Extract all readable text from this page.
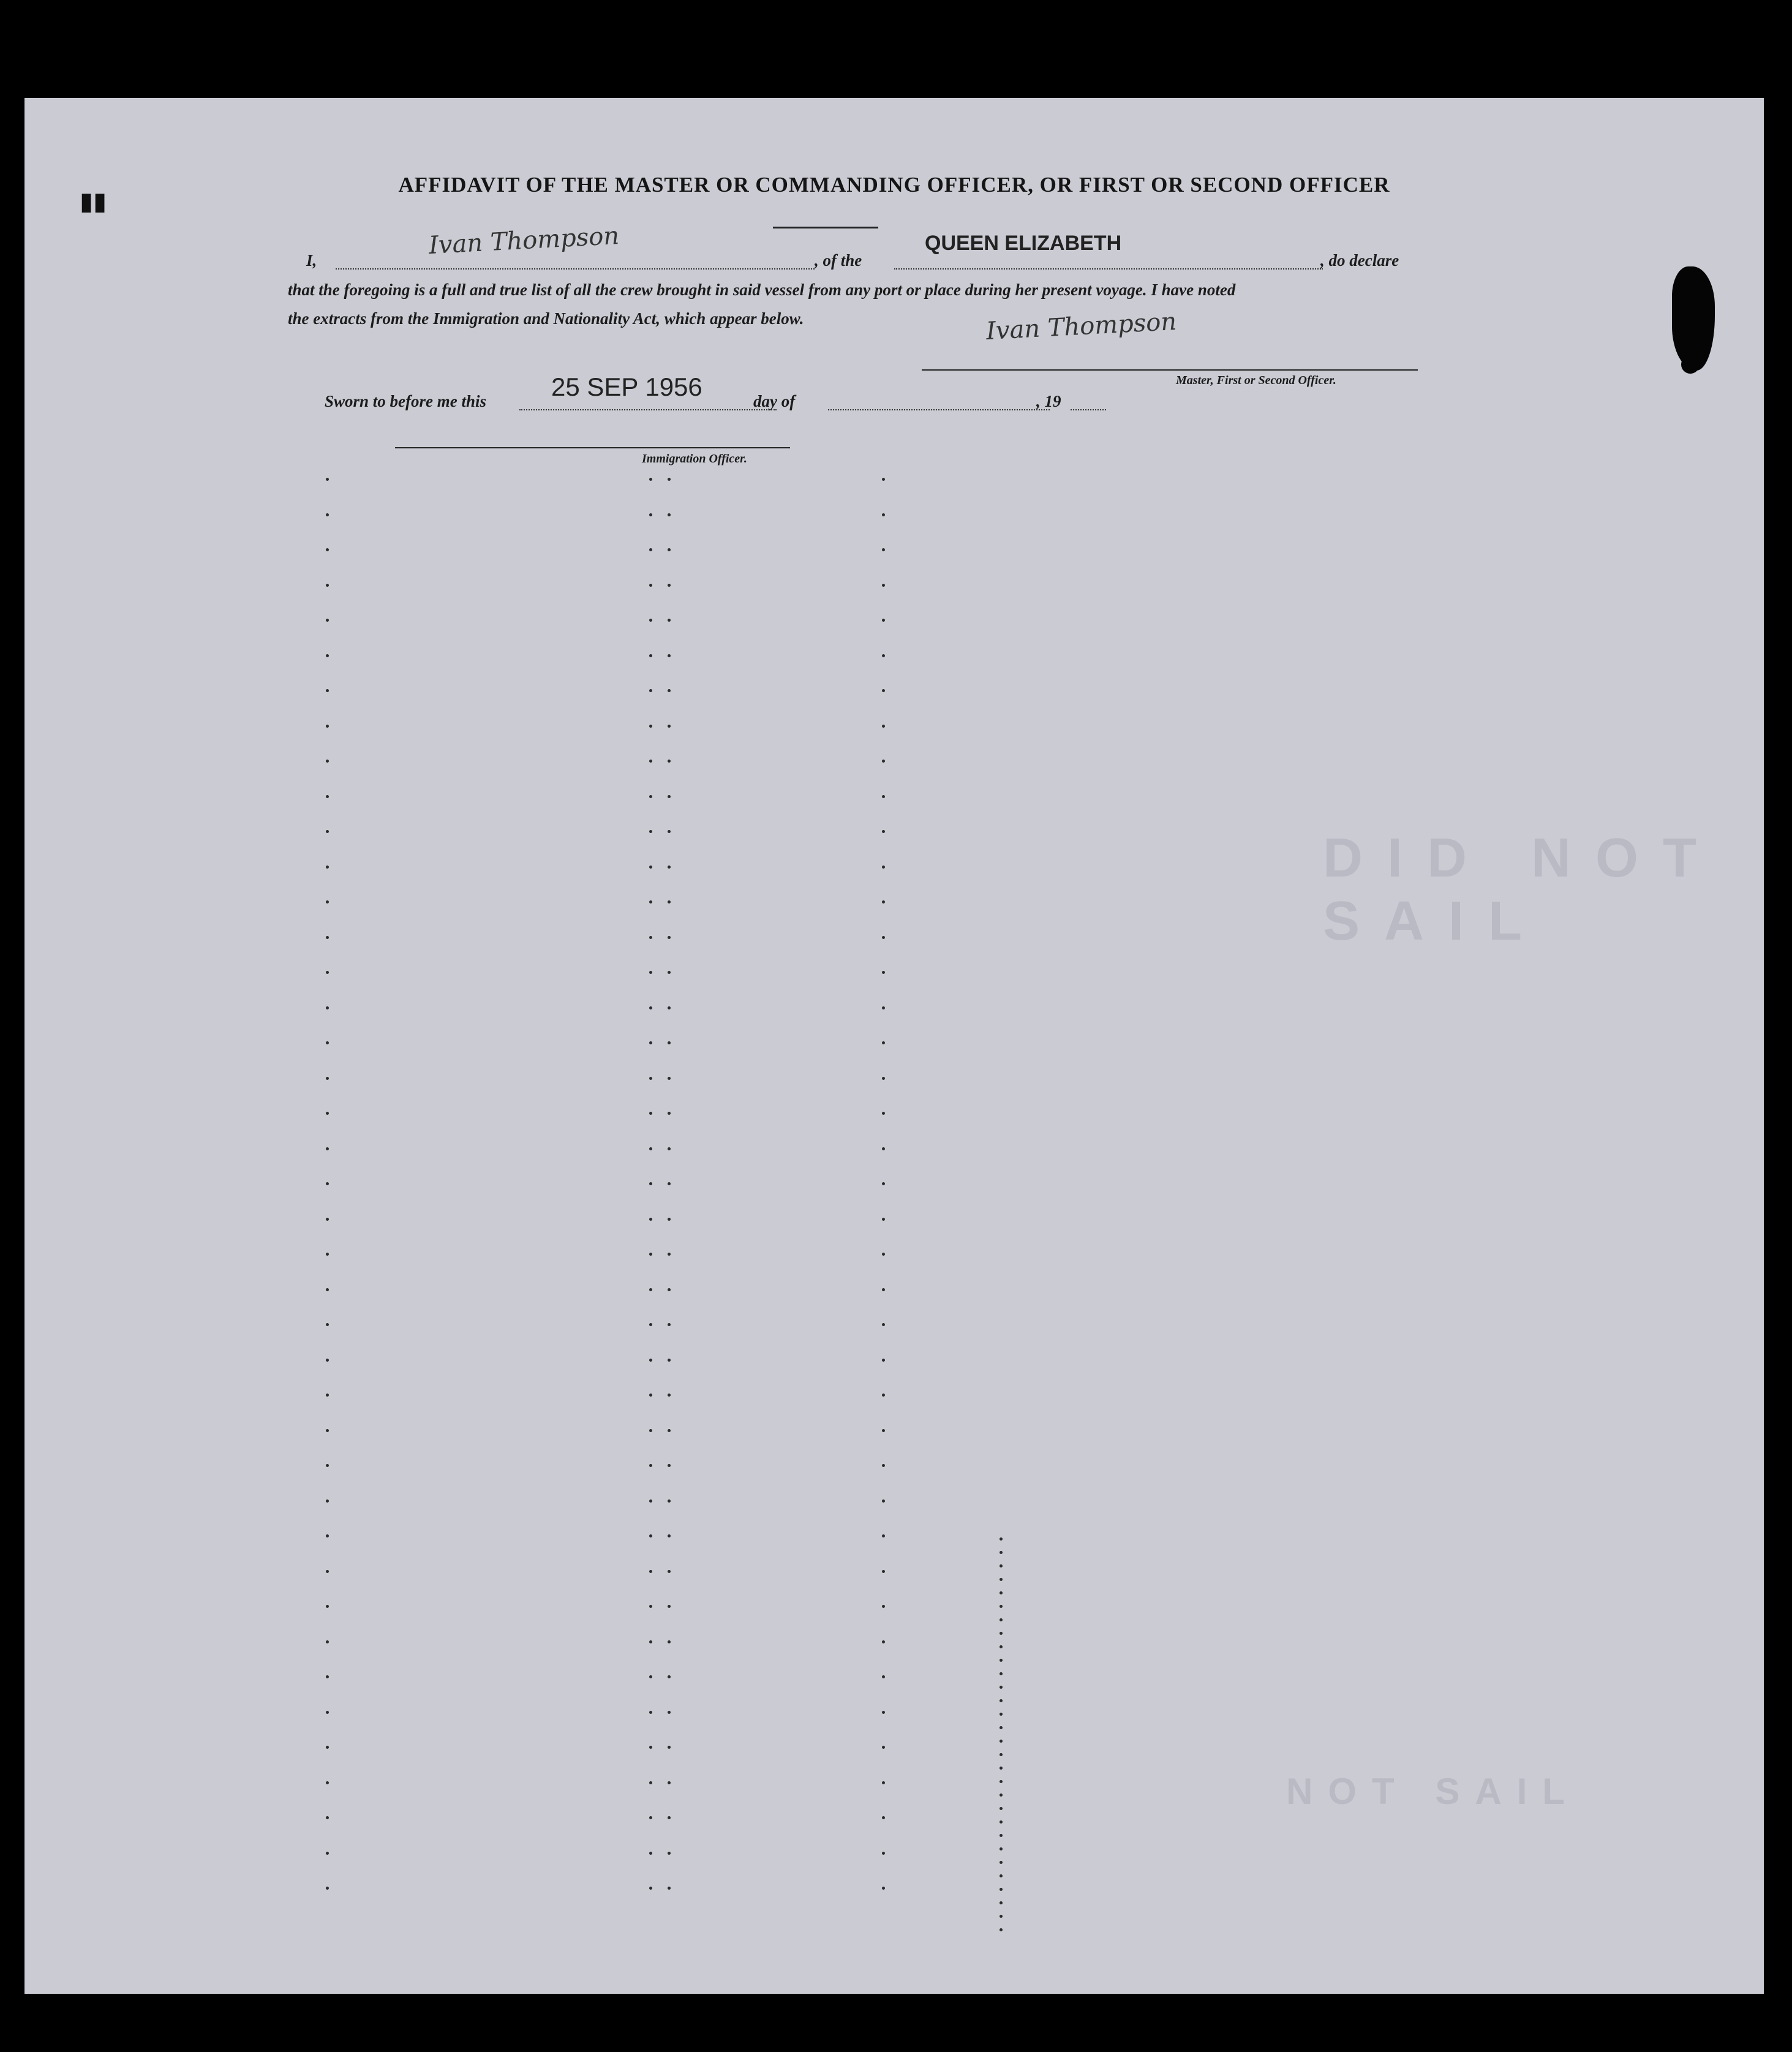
DID NOT SAIL
NOT SAIL
AFFIDAVIT OF THE MASTER OR COMMANDING OFFICER, OR FIRST OR SECOND OFFICER
I,
Ivan Thompson
, of the
QUEEN ELIZABETH
, do declare
that the foregoing is a full and true list of all the crew brought in said vessel from any port or place during her present voyage. I have noted
the extracts from the Immigration and Nationality Act, which appear below.	Ivan Thompson
Master, First or Second Officer.
Sworn to before me this	25 SEP 1956	day of	, 19
Immigration Officer.
▮▮
